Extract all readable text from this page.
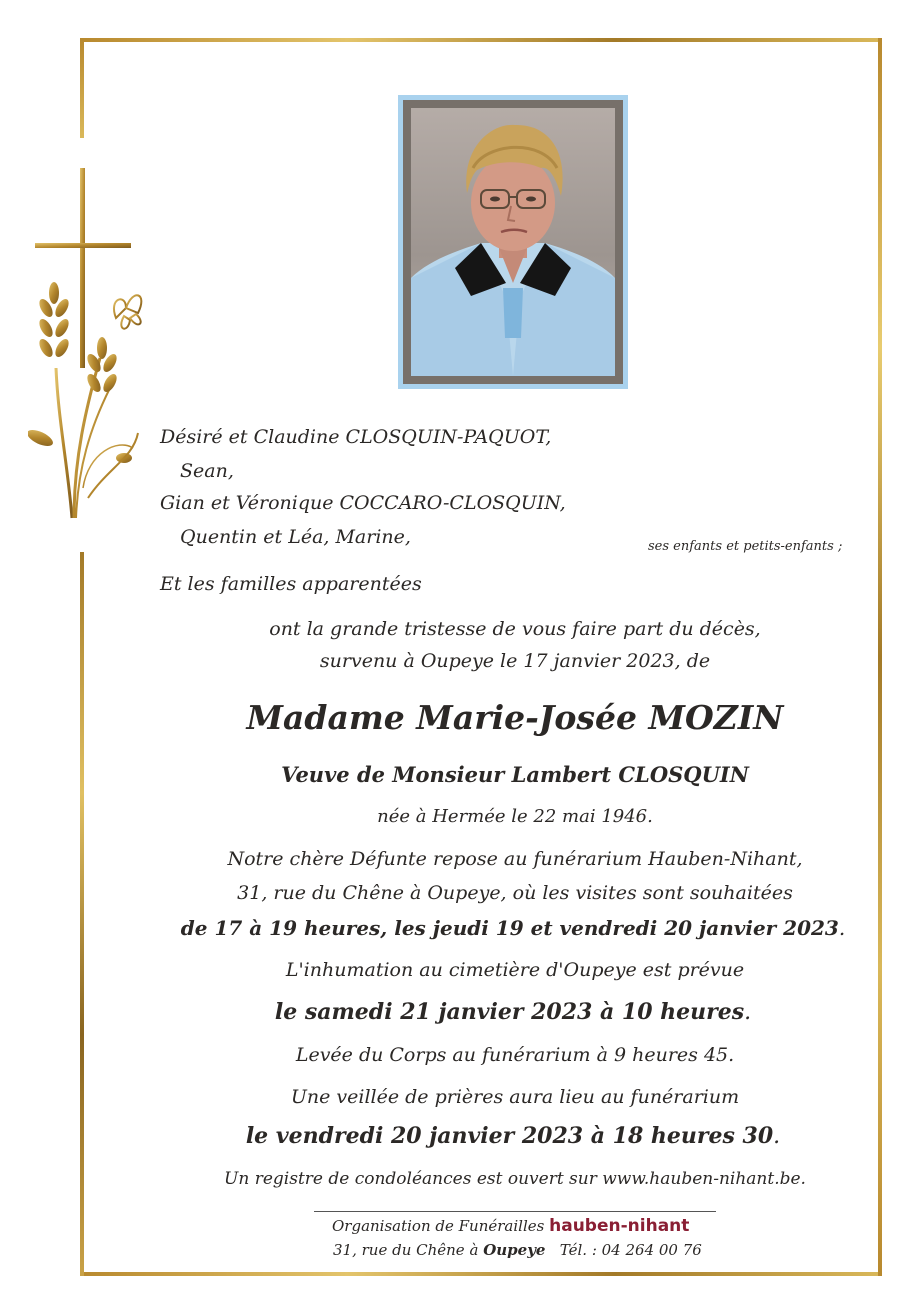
Désiré et Claudine CLOSQUIN-PAQUOT,
Sean,
Gian et Véronique COCCARO-CLOSQUIN,
Quentin et Léa, Marine,	ses enfants et petits-enfants ;
Et les familles apparentées
ont la grande tristesse de vous faire part du décès,
survenu à Oupeye le 17 janvier 2023, de
Madame Marie-Josée MOZIN
Veuve de Monsieur Lambert CLOSQUIN
née à Hermée le 22 mai 1946.
Notre chère Défunte repose au funérarium Hauben-Nihant,
31, rue du Chêne à Oupeye, où les visites sont souhaitées
de 17 à 19 heures, les jeudi 19 et vendredi 20 janvier 2023.
L'inhumation au cimetière d'Oupeye est prévue
le samedi 21 janvier 2023 à 10 heures.
Levée du Corps au funérarium à 9 heures 45.
Une veillée de prières aura lieu au funérarium
le vendredi 20 janvier 2023 à 18 heures 30.
Un registre de condoléances est ouvert sur www.hauben-nihant.be.
Organisation de Funérailles hauben-nihant
31, rue du Chêne à Oupeye Tél. : 04 264 00 76
